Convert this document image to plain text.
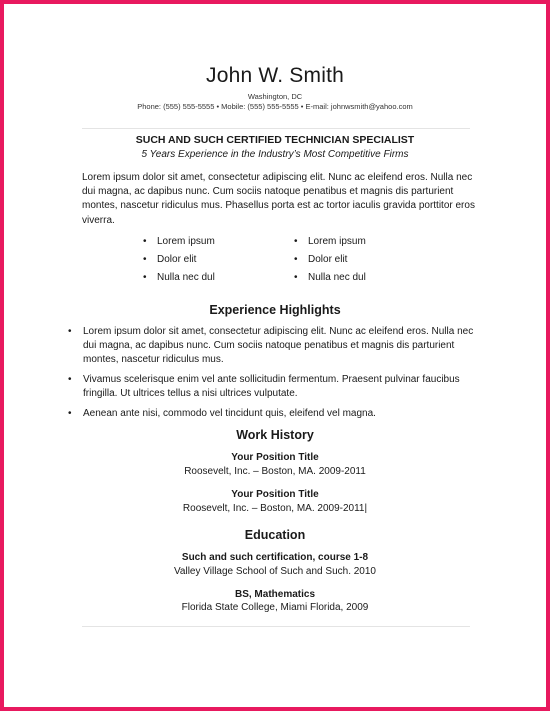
John W. Smith
Washington, DC
Phone: (555) 555-5555 • Mobile: (555) 555-5555 • E-mail: johnwsmith@yahoo.com
SUCH AND SUCH CERTIFIED TECHNICIAN SPECIALIST
5 Years Experience in the Industry’s Most Competitive Firms
Lorem ipsum dolor sit amet, consectetur adipiscing elit. Nunc ac eleifend eros. Nulla nec dui magna, ac dapibus nunc. Cum sociis natoque penatibus et magnis dis parturient montes, nascetur ridiculus mus. Phasellus porta est ac tortor iaculis gravida porttitor eros viverra.
• Lorem ipsum
• Dolor elit
• Nulla nec dul
• Lorem ipsum
• Dolor elit
• Nulla nec dul
Experience Highlights
• Lorem ipsum dolor sit amet, consectetur adipiscing elit. Nunc ac eleifend eros. Nulla nec dui magna, ac dapibus nunc. Cum sociis natoque penatibus et magnis dis parturient montes, nascetur ridiculus mus.
• Vivamus scelerisque enim vel ante sollicitudin fermentum. Praesent pulvinar faucibus fringilla. Ut ultrices tellus a nisi ultrices vulputate.
• Aenean ante nisi, commodo vel tincidunt quis, eleifend vel magna.
Work History
Your Position Title
Roosevelt, Inc. – Boston, MA. 2009-2011
Your Position Title
Roosevelt, Inc. – Boston, MA. 2009-2011|
Education
Such and such certification, course 1-8
Valley Village School of Such and Such. 2010
BS, Mathematics
Florida State College, Miami Florida, 2009
